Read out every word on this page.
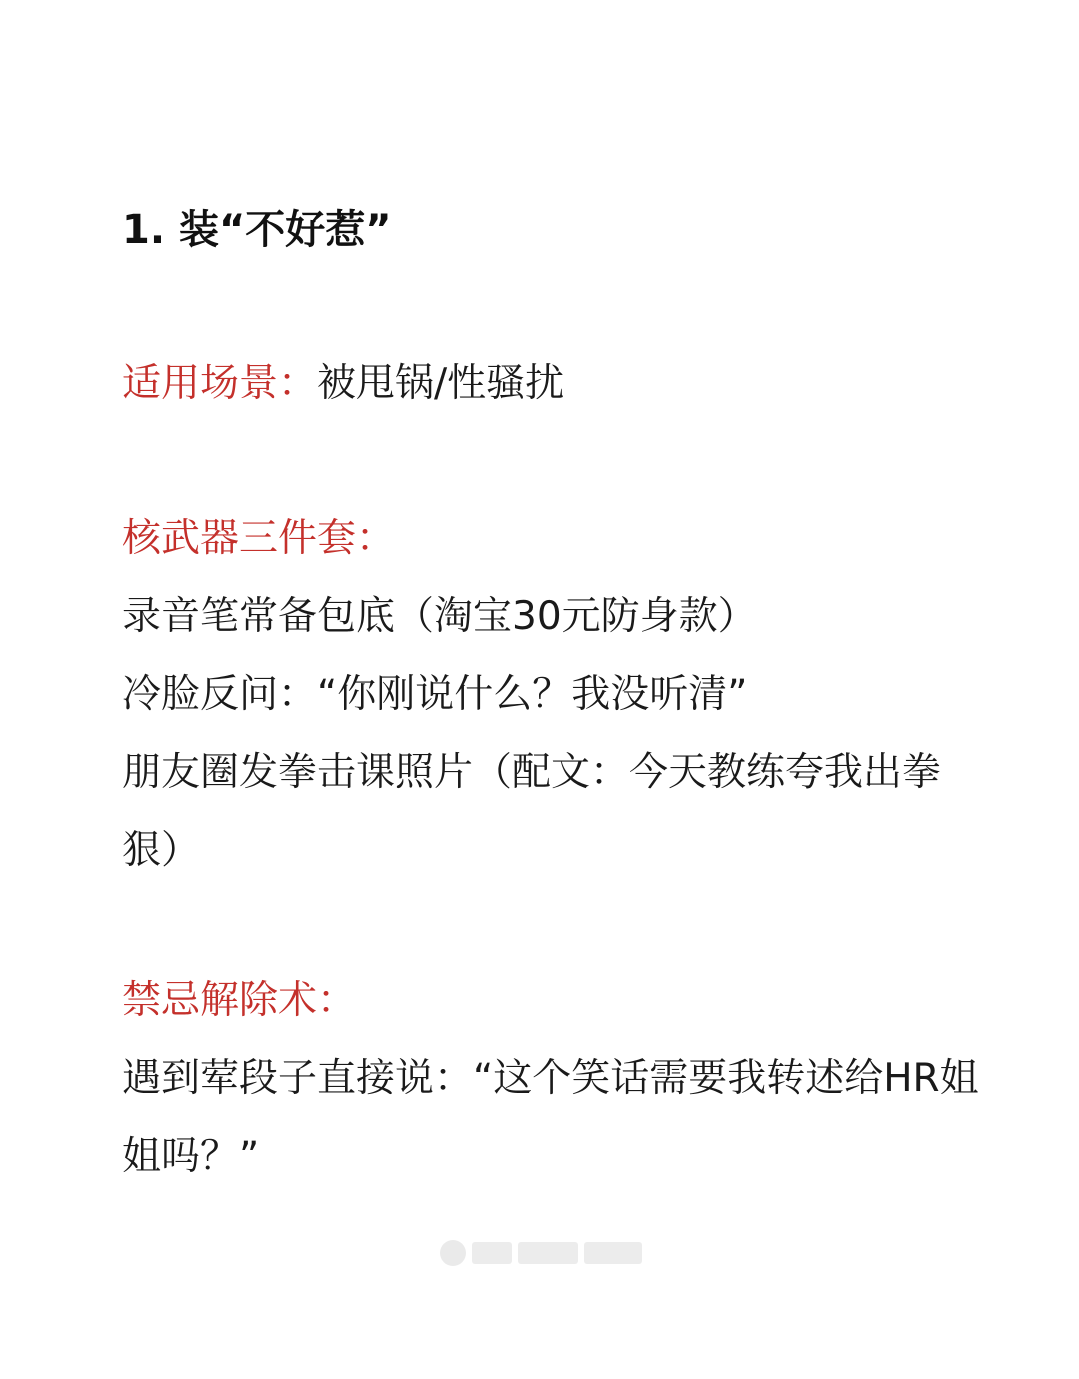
1. 装“不好惹”
适用场景：被甩锅/性骚扰
核武器三件套：
录音笔常备包底（淘宝30元防身款）
冷脸反问：“你刚说什么？我没听清”
朋友圈发拳击课照片（配文：今天教练夸我出拳狠）
禁忌解除术：
遇到荤段子直接说：“这个笑话需要我转述给HR姐姐吗？”
